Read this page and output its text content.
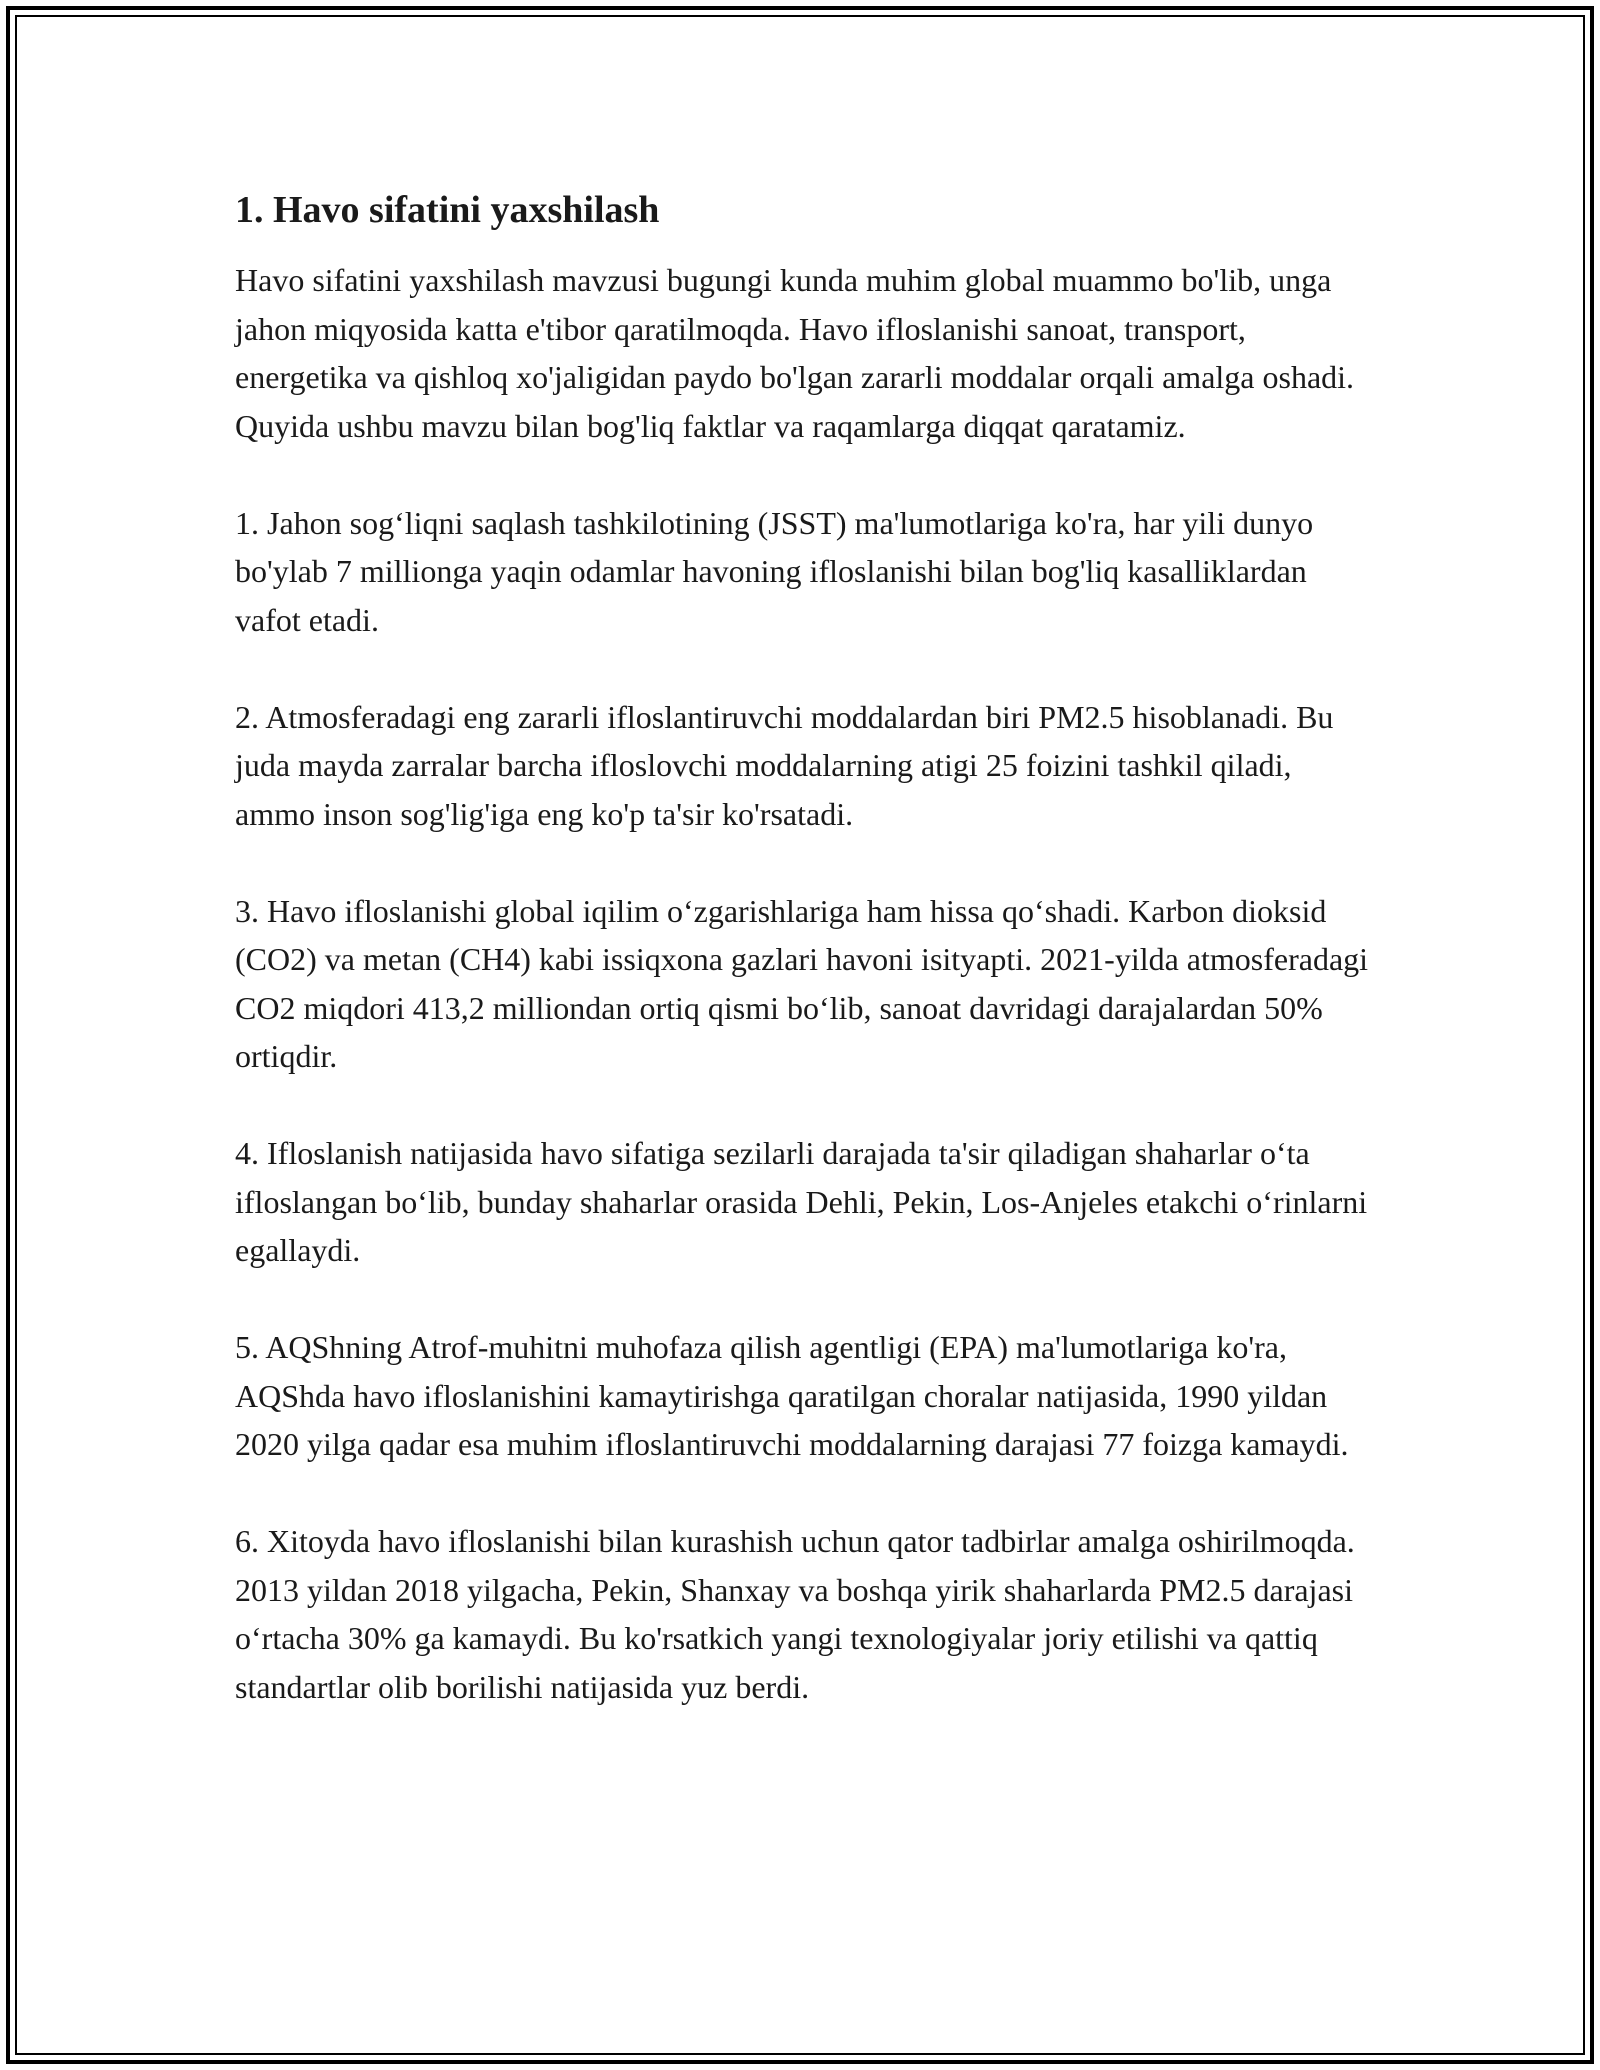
1. Havo sifatini yaxshilash

Havo sifatini yaxshilash mavzusi bugungi kunda muhim global muammo bo'lib, unga jahon miqyosida katta e'tibor qaratilmoqda. Havo ifloslanishi sanoat, transport, energetika va qishloq xo'jaligidan paydo bo'lgan zararli moddalar orqali amalga oshadi. Quyida ushbu mavzu bilan bog'liq faktlar va raqamlarga diqqat qaratamiz.

1. Jahon sog‘liqni saqlash tashkilotining (JSST) ma'lumotlariga ko'ra, har yili dunyo bo'ylab 7 millionga yaqin odamlar havoning ifloslanishi bilan bog'liq kasalliklardan vafot etadi.

2. Atmosferadagi eng zararli ifloslantiruvchi moddalardan biri PM2.5 hisoblanadi. Bu juda mayda zarralar barcha ifloslovchi moddalarning atigi 25 foizini tashkil qiladi, ammo inson sog'lig'iga eng ko'p ta'sir ko'rsatadi.

3. Havo ifloslanishi global iqilim o‘zgarishlariga ham hissa qo‘shadi. Karbon dioksid (CO2) va metan (CH4) kabi issiqxona gazlari havoni isityapti. 2021-yilda atmosferadagi CO2 miqdori 413,2 milliondan ortiq qismi bo‘lib, sanoat davridagi darajalardan 50% ortiqdir.

4. Ifloslanish natijasida havo sifatiga sezilarli darajada ta'sir qiladigan shaharlar o‘ta ifloslangan bo‘lib, bunday shaharlar orasida Dehli, Pekin, Los-Anjeles etakchi o‘rinlarni egallaydi.

5. AQShning Atrof-muhitni muhofaza qilish agentligi (EPA) ma'lumotlariga ko'ra, AQShda havo ifloslanishini kamaytirishga qaratilgan choralar natijasida, 1990 yildan 2020 yilga qadar esa muhim ifloslantiruvchi moddalarning darajasi 77 foizga kamaydi.

6. Xitoyda havo ifloslanishi bilan kurashish uchun qator tadbirlar amalga oshirilmoqda. 2013 yildan 2018 yilgacha, Pekin, Shanxay va boshqa yirik shaharlarda PM2.5 darajasi o‘rtacha 30% ga kamaydi. Bu ko'rsatkich yangi texnologiyalar joriy etilishi va qattiq standartlar olib borilishi natijasida yuz berdi.
